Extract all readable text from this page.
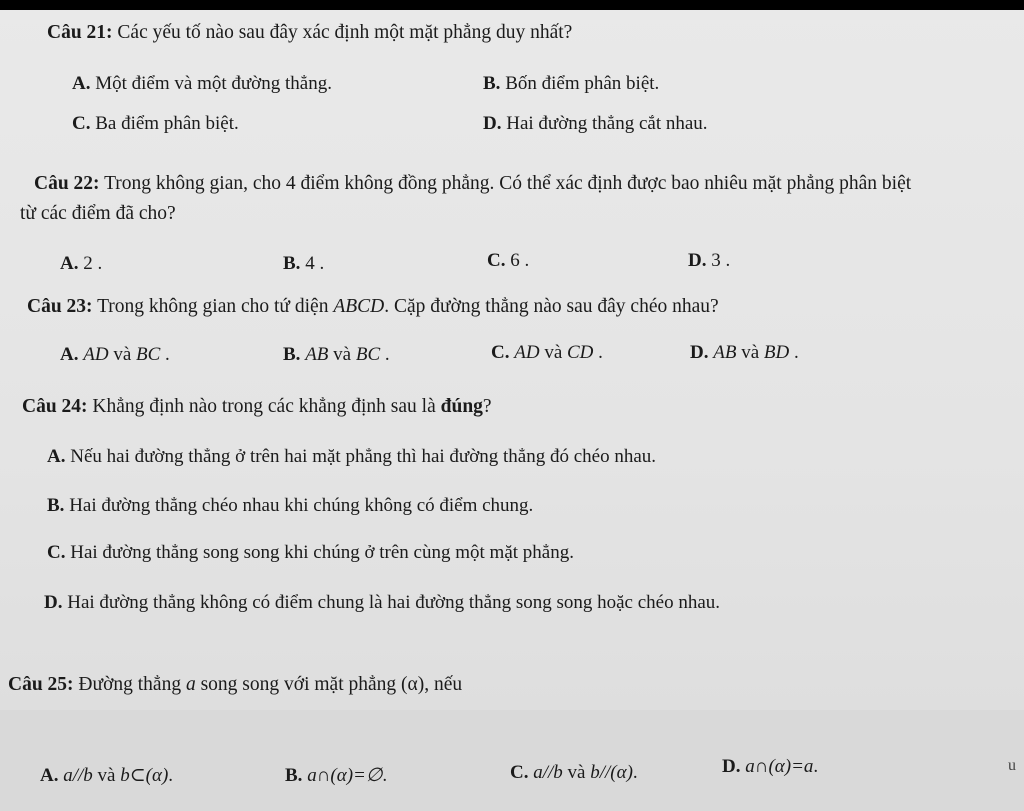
Câu 21: Các yếu tố nào sau đây xác định một mặt phẳng duy nhất?
A. Một điểm và một đường thẳng.	B. Bốn điểm phân biệt.
C. Ba điểm phân biệt.	D. Hai đường thẳng cắt nhau.
Câu 22: Trong không gian, cho 4 điểm không đồng phẳng. Có thể xác định được bao nhiêu mặt phẳng phân biệt
từ các điểm đã cho?
A. 2 .	B. 4 .	C. 6 .	D. 3 .
Câu 23: Trong không gian cho tứ diện ABCD. Cặp đường thẳng nào sau đây chéo nhau?
A. AD và BC .	B. AB và BC .	C. AD và CD .	D. AB và BD .
Câu 24: Khẳng định nào trong các khẳng định sau là đúng?
A. Nếu hai đường thẳng ở trên hai mặt phẳng thì hai đường thẳng đó chéo nhau.
B. Hai đường thẳng chéo nhau khi chúng không có điểm chung.
C. Hai đường thẳng song song khi chúng ở trên cùng một mặt phẳng.
D. Hai đường thẳng không có điểm chung là hai đường thẳng song song hoặc chéo nhau.
Câu 25: Đường thẳng a song song với mặt phẳng (α), nếu
A. a//b và b⊂(α).	B. a∩(α)=∅.	C. a//b và b//(α).	D. a∩(α)=a.	u
